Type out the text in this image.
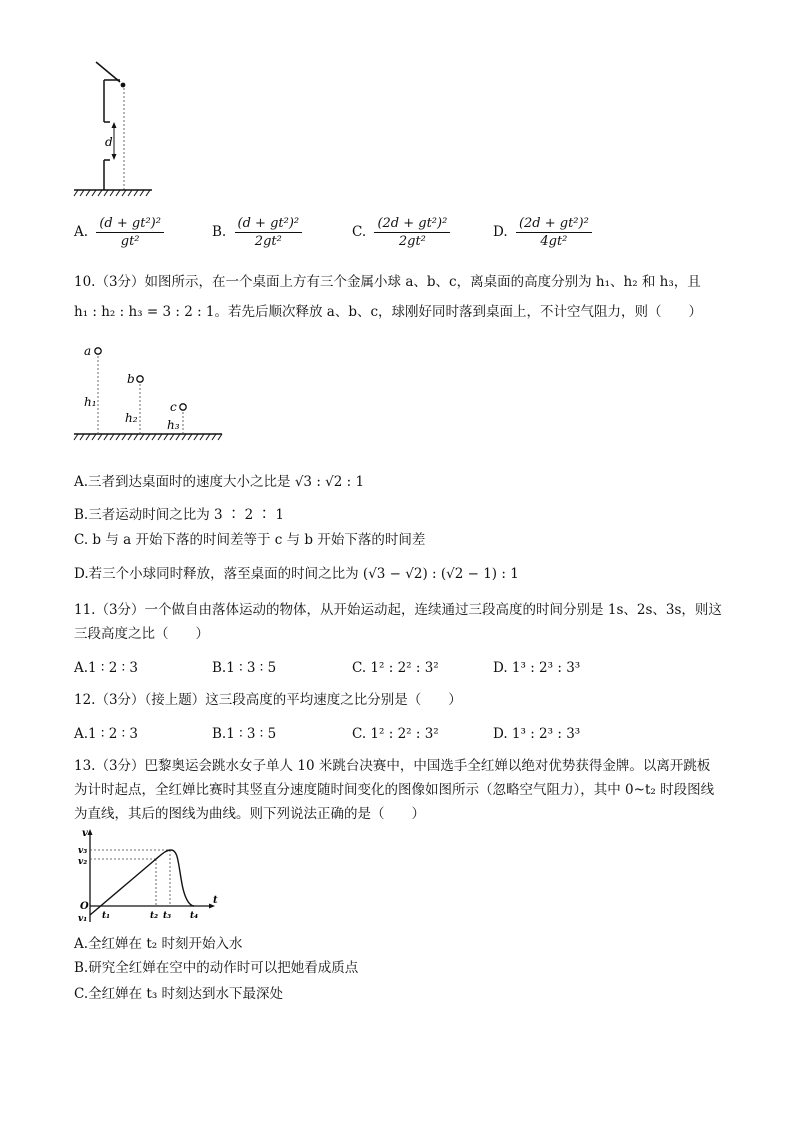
d
A. $\frac{\text{(d + gt²)²}}{\text{gt²}}$	B. $\frac{\text{(d + gt²)²}}{\text{2gt²}}$	C. $\frac{\text{(2d + gt²)²}}{\text{2gt²}}$	D. $\frac{\text{(2d + gt²)²}}{\text{4gt²}}$
10.（3分）如图所示，在一个桌面上方有三个金属小球 a、b、c，离桌面的高度分别为 h₁、h₂ 和 h₃，且
h₁ : h₂ : h₃ = 3 : 2 : 1。若先后顺次释放 a、b、c，球刚好同时落到桌面上，不计空气阻力，则（　　）
a
h₁
b
h₂
c
h₃
A.三者到达桌面时的速度大小之比是 √3 : √2 : 1
B.三者运动时间之比为 3 ∶ 2 ∶ 1
C. b 与 a 开始下落的时间差等于 c 与 b 开始下落的时间差
D.若三个小球同时释放，落至桌面的时间之比为 (√3 − √2) : (√2 − 1) : 1
11.（3分）一个做自由落体运动的物体，从开始运动起，连续通过三段高度的时间分别是 1s、2s、3s，则这
三段高度之比（　　）
A.1 ∶ 2 ∶ 3	B.1 ∶ 3 ∶ 5	C. 1² : 2² : 3²	D. 1³ : 2³ : 3³
12.（3分）（接上题）这三段高度的平均速度之比分别是（　　）
A.1 ∶ 2 ∶ 3	B.1 ∶ 3 ∶ 5	C. 1² : 2² : 3²	D. 1³ : 2³ : 3³
13.（3分）巴黎奥运会跳水女子单人 10 米跳台决赛中，中国选手全红婵以绝对优势获得金牌。以离开跳板
为计时起点，全红婵比赛时其竖直分速度随时间变化的图像如图所示（忽略空气阻力），其中 0~t₂ 时段图线
为直线，其后的图线为曲线。则下列说法正确的是（　　）
v
t
O
v₃
v₂
v₁ t₁	t₂ t₃ t₄
A.全红婵在 t₂ 时刻开始入水
B.研究全红婵在空中的动作时可以把她看成质点
C.全红婵在 t₃ 时刻达到水下最深处
